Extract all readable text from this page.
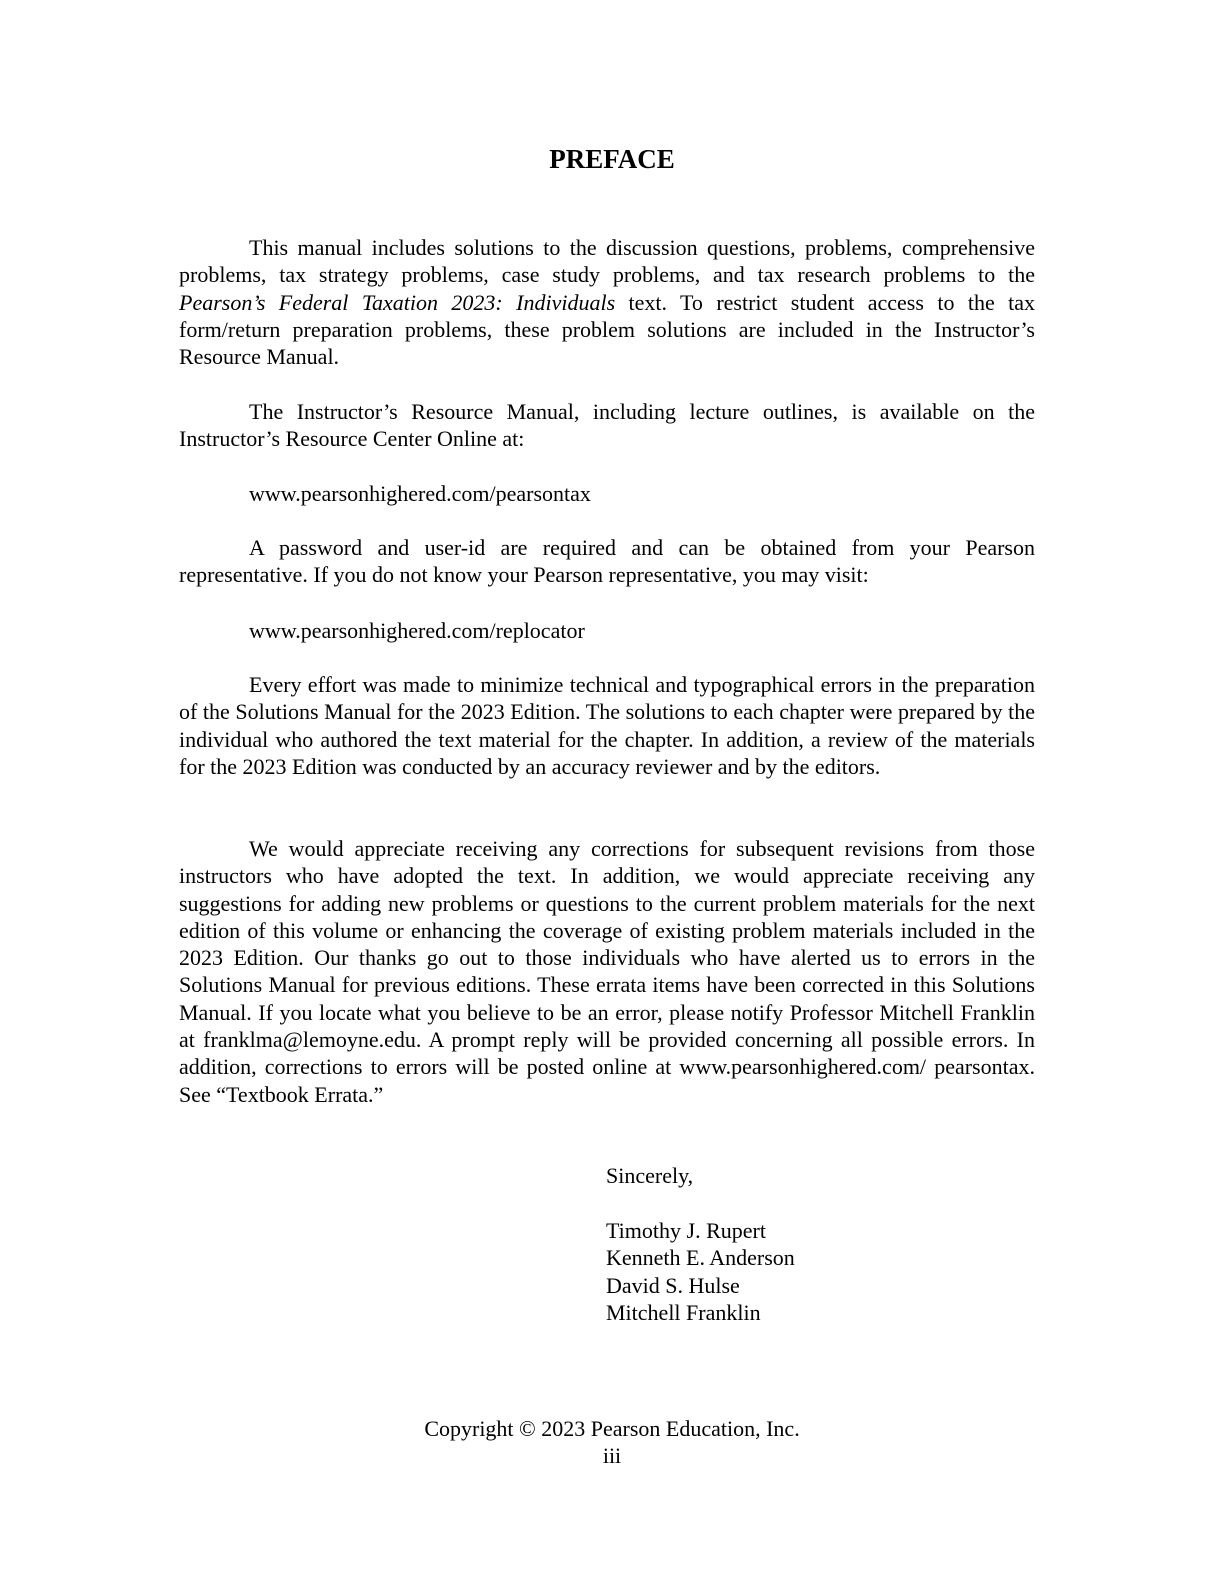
PREFACE

This manual includes solutions to the discussion questions, problems, comprehensive problems, tax strategy problems, case study problems, and tax research problems to the Pearson’s Federal Taxation 2023: Individuals text. To restrict student access to the tax form/return preparation problems, these problem solutions are included in the Instructor’s Resource Manual.

The Instructor’s Resource Manual, including lecture outlines, is available on the Instructor’s Resource Center Online at:

www.pearsonhighered.com/pearsontax

A password and user-id are required and can be obtained from your Pearson representative. If you do not know your Pearson representative, you may visit:

www.pearsonhighered.com/replocator

Every effort was made to minimize technical and typographical errors in the preparation of the Solutions Manual for the 2023 Edition. The solutions to each chapter were prepared by the individual who authored the text material for the chapter. In addition, a review of the materials for the 2023 Edition was conducted by an accuracy reviewer and by the editors.

We would appreciate receiving any corrections for subsequent revisions from those instructors who have adopted the text. In addition, we would appreciate receiving any suggestions for adding new problems or questions to the current problem materials for the next edition of this volume or enhancing the coverage of existing problem materials included in the 2023 Edition. Our thanks go out to those individuals who have alerted us to errors in the Solutions Manual for previous editions. These errata items have been corrected in this Solutions Manual. If you locate what you believe to be an error, please notify Professor Mitchell Franklin at franklma@lemoyne.edu. A prompt reply will be provided concerning all possible errors. In addition, corrections to errors will be posted online at www.pearsonhighered.com/ pearsontax. See “Textbook Errata.”

Sincerely,
Timothy J. Rupert
Kenneth E. Anderson
David S. Hulse
Mitchell Franklin
Copyright © 2023 Pearson Education, Inc.
iii
